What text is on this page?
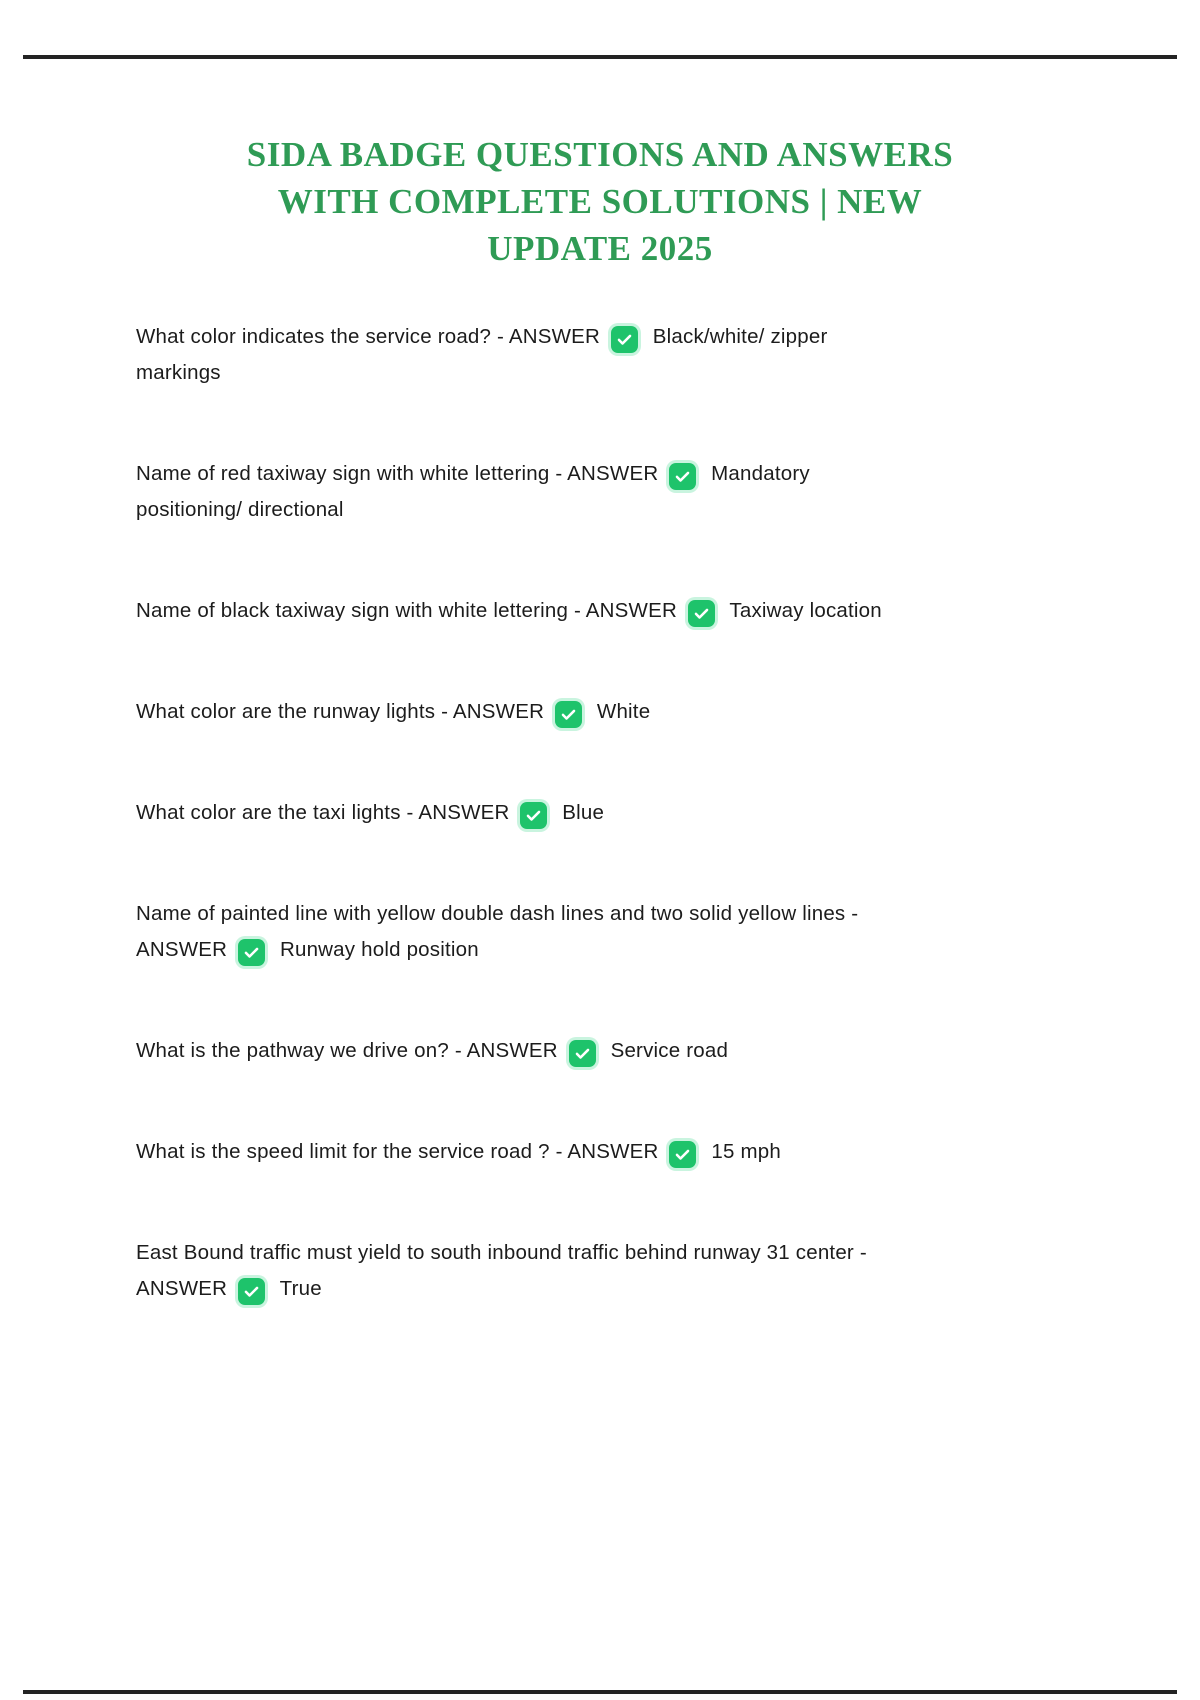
SIDA BADGE QUESTIONS AND ANSWERS
WITH COMPLETE SOLUTIONS | NEW
UPDATE 2025

What color indicates the service road? - ANSWER
Black/white/ zipper
markings

Name of red taxiway sign with white lettering - ANSWER
Mandatory
positioning/ directional

Name of black taxiway sign with white lettering - ANSWER
Taxiway location

What color are the runway lights - ANSWER
White

What color are the taxi lights - ANSWER
Blue

Name of painted line with yellow double dash lines and two solid yellow lines -
ANSWER
Runway hold position

What is the pathway we drive on? - ANSWER
Service road

What is the speed limit for the service road ? - ANSWER
15 mph

East Bound traffic must yield to south inbound traffic behind runway 31 center -
ANSWER
True
